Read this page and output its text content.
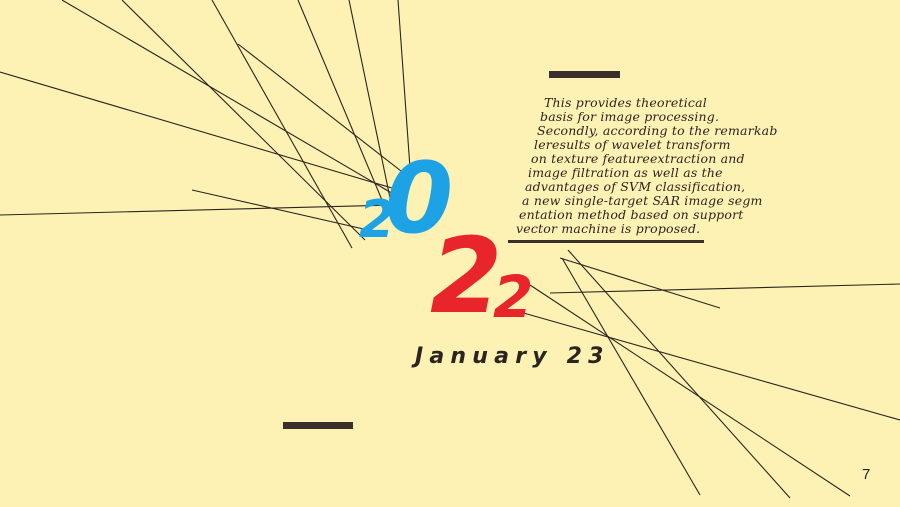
This provides theoretical
basis for image processing.
Secondly, according to the remarkab
leresults of wavelet transform
on texture featureextraction and
image filtration as well as the
advantages of SVM classification,
a new single-target SAR image segm
entation method based on support
vector machine is proposed.
2
0
2
2
January 23
7
